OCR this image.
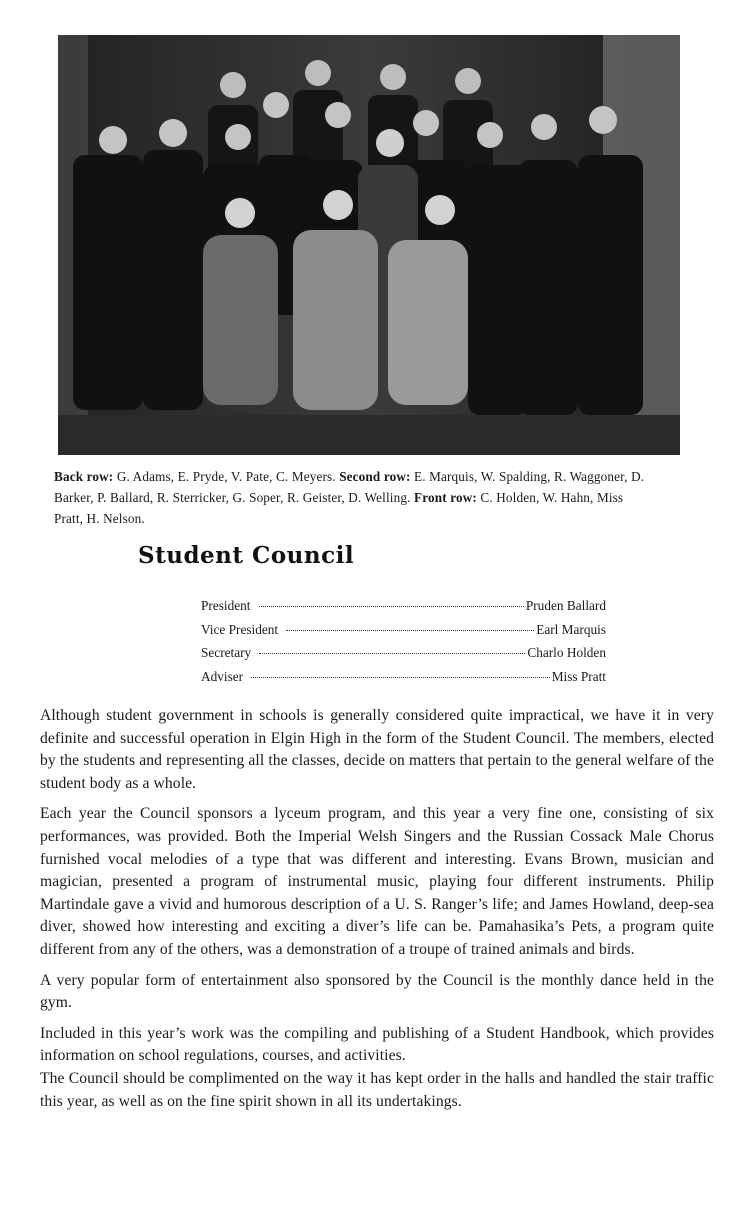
Back row: G. Adams, E. Pryde, V. Pate, C. Meyers. Second row: E. Marquis, W. Spalding, R. Waggoner, D. Barker, P. Ballard, R. Sterricker, G. Soper, R. Geister, D. Welling. Front row: C. Holden, W. Hahn, Miss Pratt, H. Nelson.
Student Council
President	Pruden Ballard
Vice President	Earl Marquis
Secretary	Charlo Holden
Adviser	Miss Pratt

Although student government in schools is generally considered quite impractical, we have it in very definite and successful operation in Elgin High in the form of the Student Council. The members, elected by the students and representing all the classes, decide on matters that pertain to the general welfare of the student body as a whole.

Each year the Council sponsors a lyceum program, and this year a very fine one, consisting of six performances, was provided. Both the Imperial Welsh Singers and the Russian Cossack Male Chorus furnished vocal melodies of a type that was different and interesting. Evans Brown, musician and magician, presented a program of instrumental music, playing four different instruments. Philip Martindale gave a vivid and humorous description of a U. S. Ranger’s life; and James Howland, deep-sea diver, showed how interesting and exciting a diver’s life can be. Pamahasika’s Pets, a program quite different from any of the others, was a demonstration of a troupe of trained animals and birds.

A very popular form of entertainment also sponsored by the Council is the monthly dance held in the gym.

Included in this year’s work was the compiling and publishing of a Student Handbook, which provides information on school regulations, courses, and activities.

The Council should be complimented on the way it has kept order in the halls and handled the stair traffic this year, as well as on the fine spirit shown in all its undertakings.
